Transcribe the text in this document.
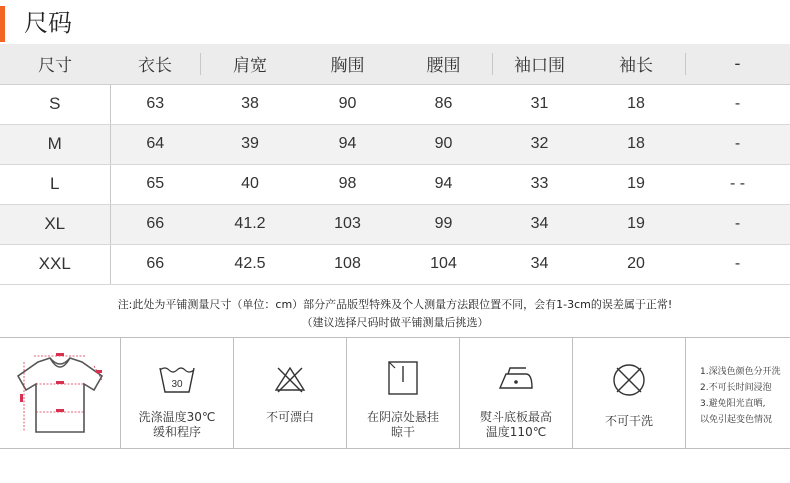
尺码
尺寸	衣长	肩宽	胸围	腰围	袖口围	袖长	-
S	63	38	90	86	31	18	-
M	64	39	94	90	32	18	-
L	65	40	98	94	33	19	- -
XL	66	41.2	103	99	34	19	-
XXL	66	42.5	108	104	34	20	-
注:此处为平铺测量尺寸（单位：cm）部分产品版型特殊及个人测量方法跟位置不同，会有1-3cm的误差属于正常!
（建议选择尺码时做平铺测量后挑选）
30
洗涤温度30℃
缓和程序
不可漂白	在阴凉处悬挂
晾干
熨斗底板最高
温度110℃
不可干洗
1.深浅色颜色分开洗
2.不可长时间浸泡
3.避免阳光直晒,
以免引起变色情况
